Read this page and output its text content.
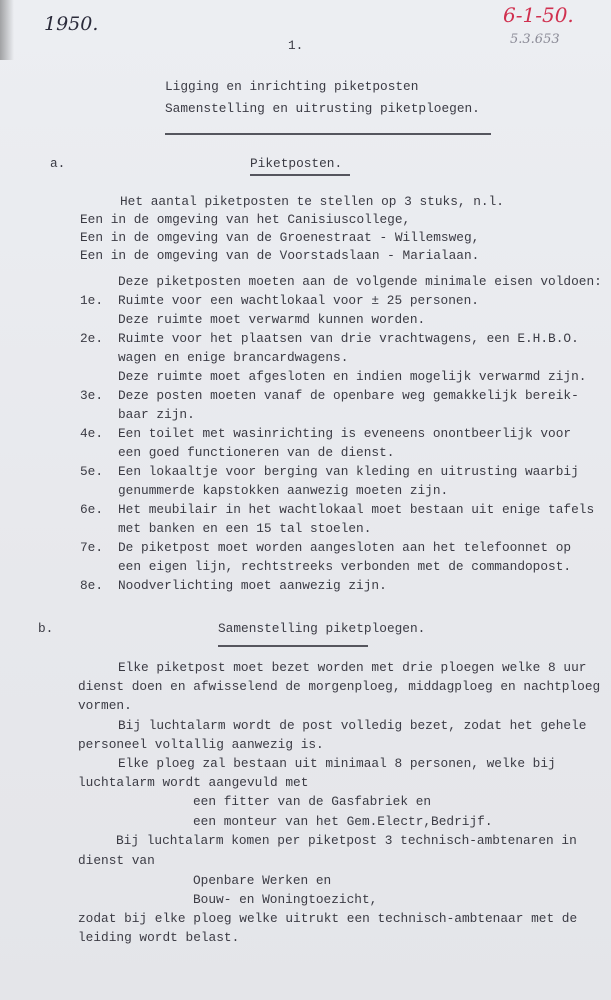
1950.	6-1-50.
5.3.653
1.
Ligging en inrichting piketposten
Samenstelling en uitrusting piketploegen.
a.	Piketposten.
Het aantal piketposten te stellen op 3 stuks, n.l.
Een in de omgeving van het Canisiuscollege,
Een in de omgeving van de Groenestraat - Willemsweg,
Een in de omgeving van de Voorstadslaan - Marialaan.
Deze piketposten moeten aan de volgende minimale eisen voldoen:
1e. Ruimte voor een wachtlokaal voor ± 25 personen.
Deze ruimte moet verwarmd kunnen worden.
2e. Ruimte voor het plaatsen van drie vrachtwagens, een E.H.B.O.
wagen en enige brancardwagens.
Deze ruimte moet afgesloten en indien mogelijk verwarmd zijn.
3e. Deze posten moeten vanaf de openbare weg gemakkelijk bereik-
baar zijn.
4e. Een toilet met wasinrichting is eveneens onontbeerlijk voor
een goed functioneren van de dienst.
5e. Een lokaaltje voor berging van kleding en uitrusting waarbij
genummerde kapstokken aanwezig moeten zijn.
6e. Het meubilair in het wachtlokaal moet bestaan uit enige tafels
met banken en een 15 tal stoelen.
7e. De piketpost moet worden aangesloten aan het telefoonnet op
een eigen lijn, rechtstreeks verbonden met de commandopost.
8e. Noodverlichting moet aanwezig zijn.
b.	Samenstelling piketploegen.
Elke piketpost moet bezet worden met drie ploegen welke 8 uur
dienst doen en afwisselend de morgenploeg, middagploeg en nachtploeg
vormen.
Bij luchtalarm wordt de post volledig bezet, zodat het gehele
personeel voltallig aanwezig is.
Elke ploeg zal bestaan uit minimaal 8 personen, welke bij
luchtalarm wordt aangevuld met
een fitter van de Gasfabriek en
een monteur van het Gem.Electr,Bedrijf.
Bij luchtalarm komen per piketpost 3 technisch-ambtenaren in
dienst van
Openbare Werken en
Bouw- en Woningtoezicht,
zodat bij elke ploeg welke uitrukt een technisch-ambtenaar met de
leiding wordt belast.
